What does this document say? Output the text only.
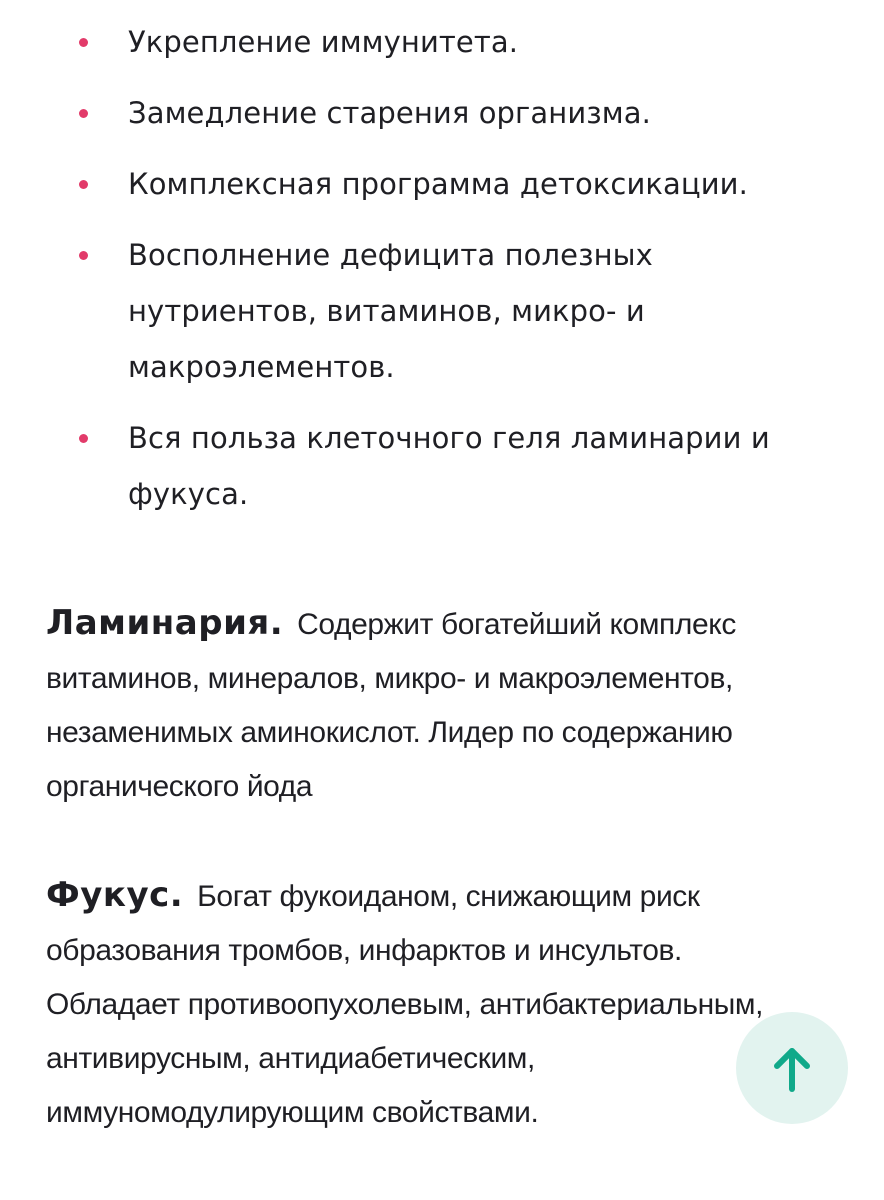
Укрепление иммунитета.
Замедление старения организма.
Комплексная программа детоксикации.
Восполнение дефицита полезных нутриентов, витаминов, микро- и макроэлементов.
Вся польза клеточного геля ламинарии и фукуса.

Ламинария. Содержит богатейший комплекс витаминов, минералов, микро- и макроэлементов, незаменимых аминокислот. Лидер по содержанию органического йода

Фукус. Богат фукоиданом, снижающим риск образования тромбов, инфарктов и инсультов. Обладает противоопухолевым, антибактериальным, антивирусным, антидиабетическим, иммуномодулирующим свойствами.
